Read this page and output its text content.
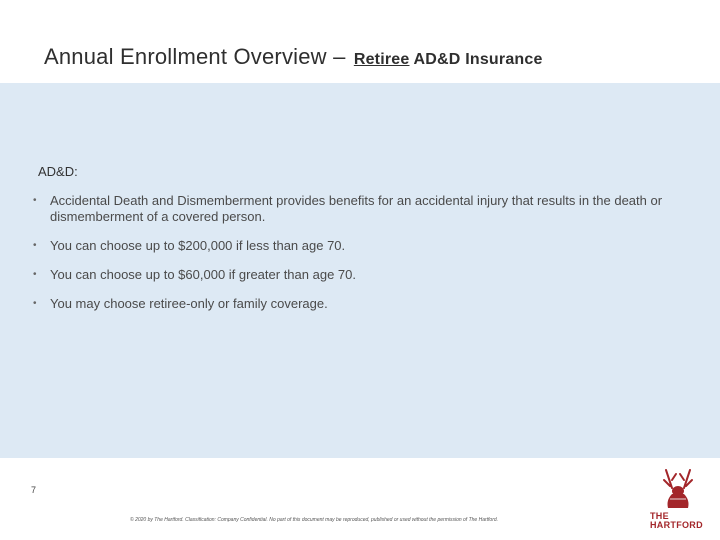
Annual Enrollment Overview – Retiree AD&D Insurance
AD&D:
• Accidental Death and Dismemberment provides benefits for an accidental injury that results in the death or dismemberment of a covered person.
• You can choose up to $200,000 if less than age 70.
• You can choose up to $60,000 if greater than age 70.
• You may choose retiree-only or family coverage.
7
© 2020 by The Hartford. Classification: Company Confidential. No part of this document may be reproduced, published or used without the permission of The Hartford.	THE
HARTFORD
